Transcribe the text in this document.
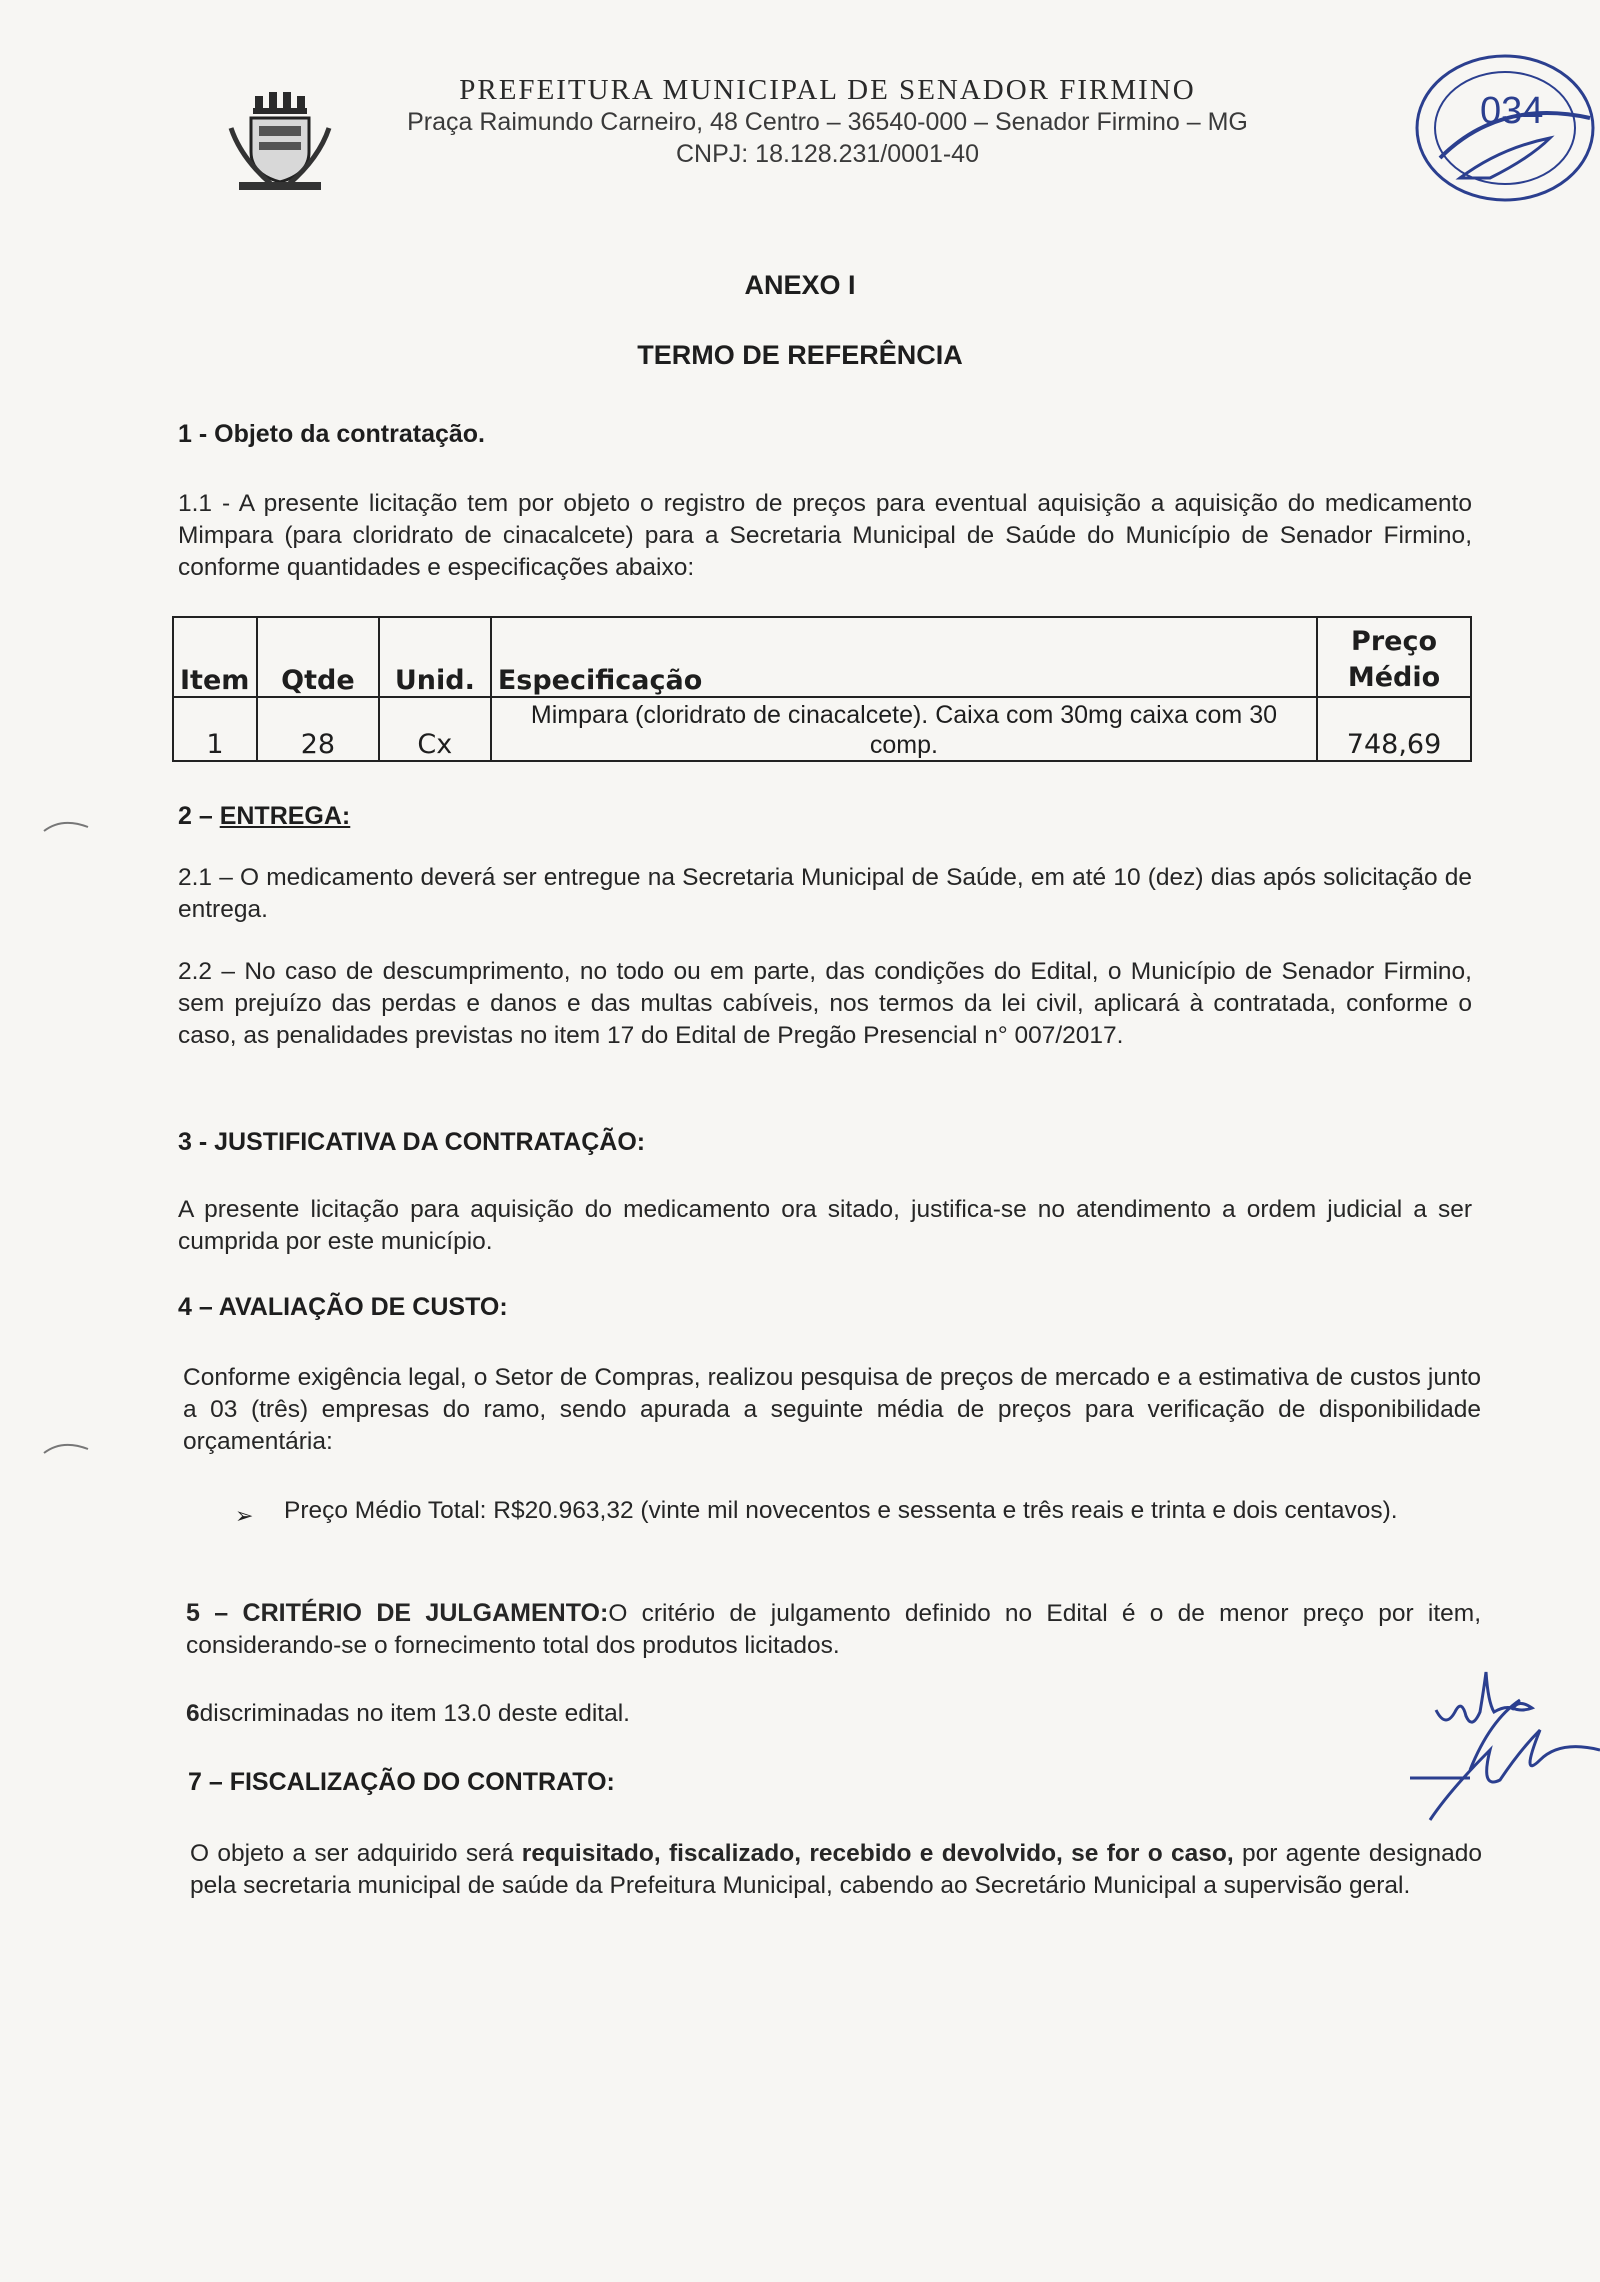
PREFEITURA MUNICIPAL DE SENADOR FIRMINO
Praça Raimundo Carneiro, 48 Centro – 36540-000 – Senador Firmino – MG
CNPJ: 18.128.231/0001-40
034
ANEXO I
TERMO DE REFERÊNCIA
1 - Objeto da contratação.
1.1 - A presente licitação tem por objeto o registro de preços para eventual aquisição a aquisição do medicamento Mimpara (para cloridrato de cinacalcete) para a Secretaria Municipal de Saúde do Município de Senador Firmino, conforme quantidades e especificações abaixo:
Item	Qtde	Unid.	Especificação	Preço
Médio

1	28	Cx	Mimpara (cloridrato de cinacalcete). Caixa com 30mg caixa com 30 comp.	748,69
2 – ENTREGA:
2.1 – O medicamento deverá ser entregue na Secretaria Municipal de Saúde, em até 10 (dez) dias após solicitação de entrega.
2.2 – No caso de descumprimento, no todo ou em parte, das condições do Edital, o Município de Senador Firmino, sem prejuízo das perdas e danos e das multas cabíveis, nos termos da lei civil, aplicará à contratada, conforme o caso, as penalidades previstas no item 17 do Edital de Pregão Presencial n° 007/2017.
3 - JUSTIFICATIVA DA CONTRATAÇÃO:
A presente licitação para aquisição do medicamento ora sitado, justifica-se no atendimento a ordem judicial a ser cumprida por este município.
4 – AVALIAÇÃO DE CUSTO:
Conforme exigência legal, o Setor de Compras, realizou pesquisa de preços de mercado e a estimativa de custos junto a 03 (três) empresas do ramo, sendo apurada a seguinte média de preços para verificação de disponibilidade orçamentária:
➢ Preço Médio Total: R$20.963,32 (vinte mil novecentos e sessenta e três reais e trinta e dois centavos).
5 – CRITÉRIO DE JULGAMENTO:O critério de julgamento definido no Edital é o de menor preço por item, considerando-se o fornecimento total dos produtos licitados.
6discriminadas no item 13.0 deste edital.
7 – FISCALIZAÇÃO DO CONTRATO:
O objeto a ser adquirido será requisitado, fiscalizado, recebido e devolvido, se for o caso, por agente designado pela secretaria municipal de saúde da Prefeitura Municipal, cabendo ao Secretário Municipal a supervisão geral.
